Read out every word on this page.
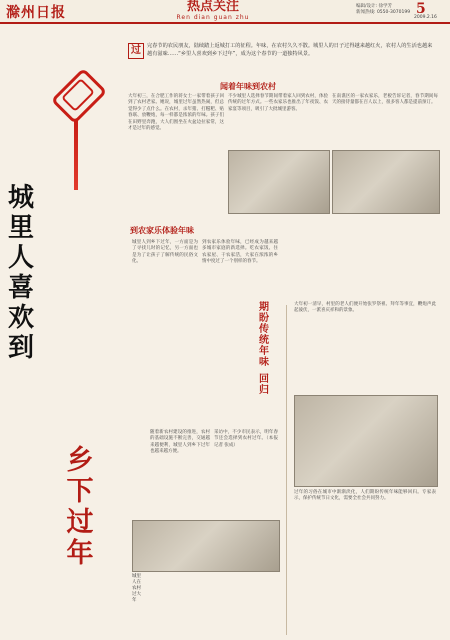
滁州日报	热点关注
Ren dian guan zhu
编辑/设计: 徐学芳
新闻热线: 0550-3070199 5
2009.2.16
城里人喜欢到
乡下过年
过	完春节的农民朋友，陆续踏上返城打工的征程。年味，在农村久久不散。城里人的日子过得越来越红火，农村人的生活也越来越有滋味……“乡里人喜欢到乡下过年”，成为这个春节的一道独特风景。
闻着年味到农村
大年初三，在合肥工作的蒋女士一家带着孩子回到了农村老家。她说，城里过年虽然热闹，但总觉得少了点什么。在农村，杀年猪、打糍粑、贴春联、放鞭炮，每一样都是浓浓的年味。孩子们在田野里奔跑，大人们围坐在火盆边拉家常，这才是过年的感觉。
不少城里人选择春节期间带着家人回到农村，体验传统的过年方式。一些农家乐也推出了年夜饭、农家宴等项目，吸引了大批城里游客。
在南谯区的一家农家乐，老板告诉记者，春节期间每天的接待量都在百人以上，很多客人都是提前预订。
到农家乐体验年味
城里人到乡下过年，一方面是为了寻找儿时的记忆，另一方面也是为了让孩子了解传统的民俗文化。
到农家乐体验年味，已经成为越来越多城市家庭的新选择。吃农家饭、住农家屋、干农家活，大家在浓浓的乡情中度过了一个别样的春节。
随着新农村建设的推进，农村的基础设施不断完善，交通越来越便利，城里人到乡下过年也越来越方便。
采访中，不少市民表示，明年春节还会选择到农村过年。（本报记者 张成）
城里人在农村过大年
期盼传统年味
回归
大年初一清早，村里的老人们便开始张罗祭祖、拜年等事宜，鞭炮声此起彼伏，一派喜庆祥和的景象。
过年的习俗在城市中渐渐淡化，人们期盼传统年味能够回归。专家表示，保护传统节日文化，需要全社会共同努力。
